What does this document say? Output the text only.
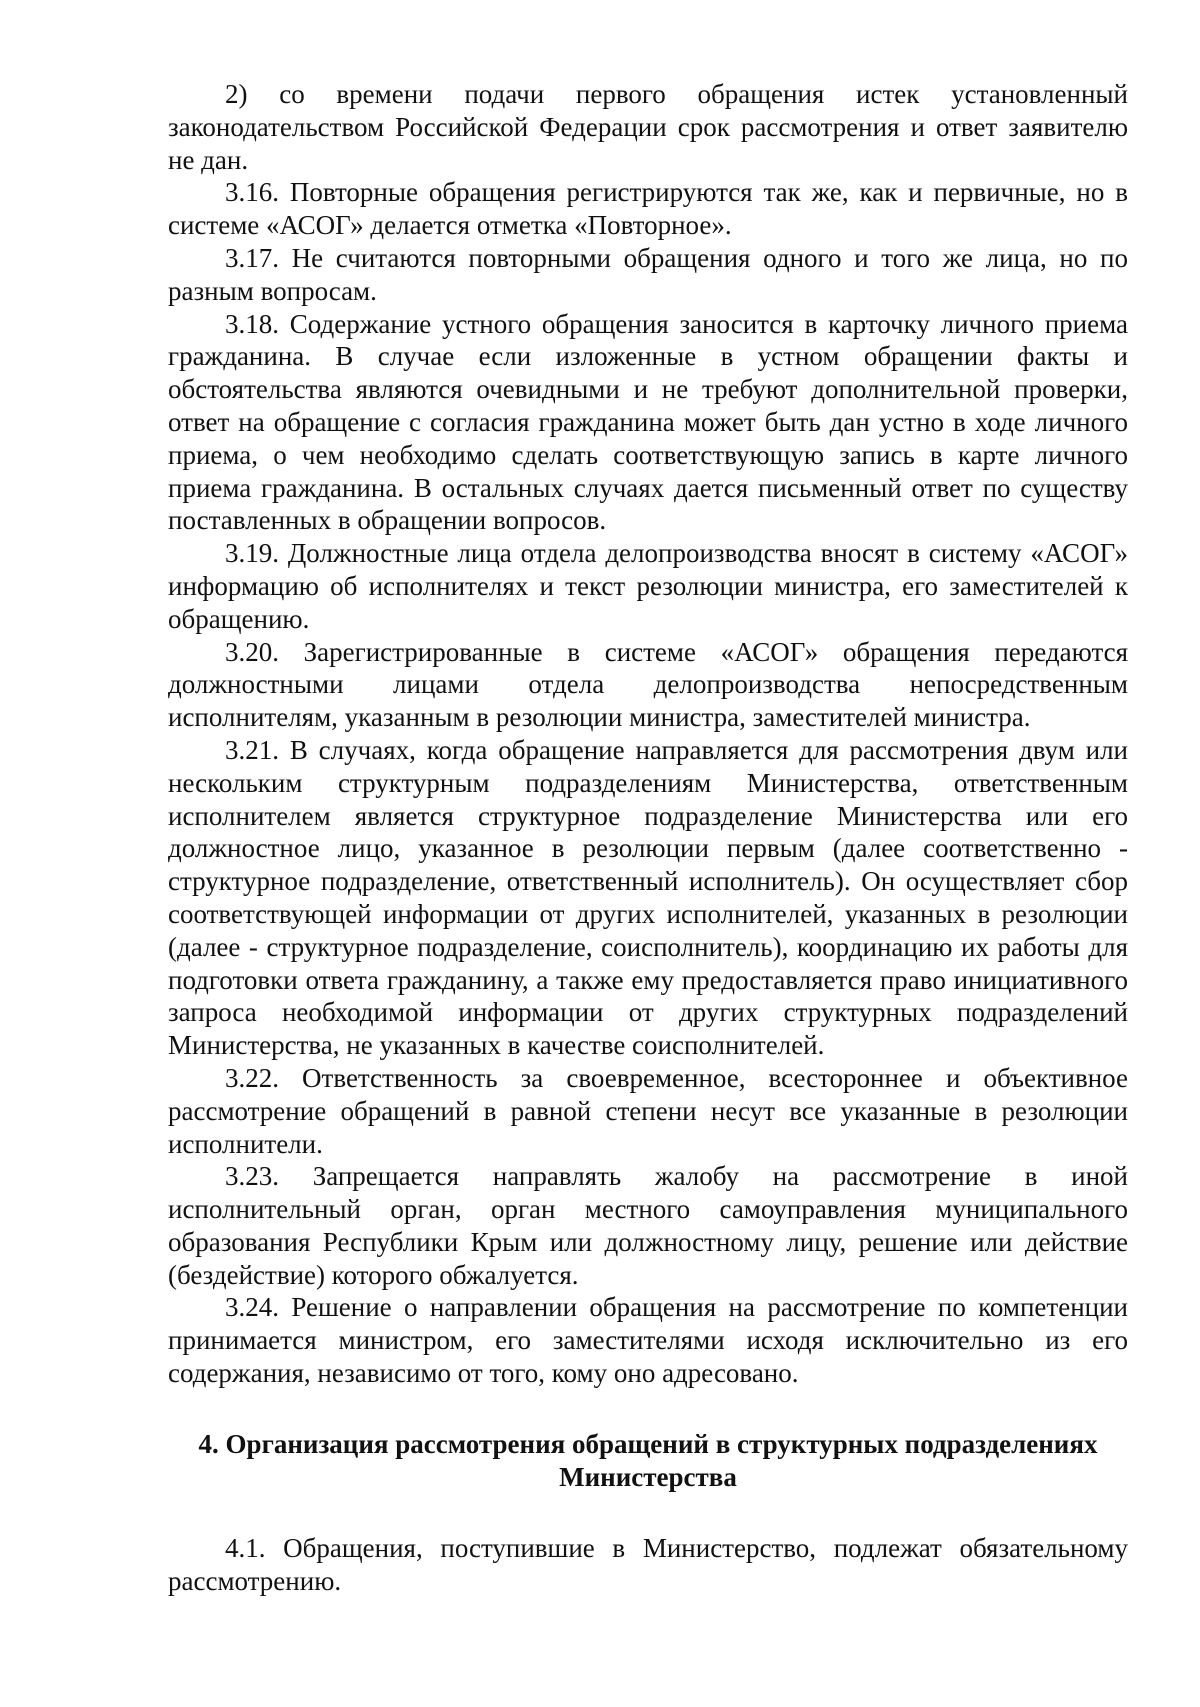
2) со времени подачи первого обращения истек установленный законодательством Российской Федерации срок рассмотрения и ответ заявителю не дан.

3.16. Повторные обращения регистрируются так же, как и первичные, но в системе «АСОГ» делается отметка «Повторное».

3.17. Не считаются повторными обращения одного и того же лица, но по разным вопросам.

3.18. Содержание устного обращения заносится в карточку личного приема гражданина. В случае если изложенные в устном обращении факты и обстоятельства являются очевидными и не требуют дополнительной проверки, ответ на обращение с согласия гражданина может быть дан устно в ходе личного приема, о чем необходимо сделать соответствующую запись в карте личного приема гражданина. В остальных случаях дается письменный ответ по существу поставленных в обращении вопросов.

3.19. Должностные лица отдела делопроизводства вносят в систему «АСОГ» информацию об исполнителях и текст резолюции министра, его заместителей к обращению.

3.20. Зарегистрированные в системе «АСОГ» обращения передаются должностными лицами отдела делопроизводства непосредственным исполнителям, указанным в резолюции министра, заместителей министра.

3.21. В случаях, когда обращение направляется для рассмотрения двум или нескольким структурным подразделениям Министерства, ответственным исполнителем является структурное подразделение Министерства или его должностное лицо, указанное в резолюции первым (далее соответственно - структурное подразделение, ответственный исполнитель). Он осуществляет сбор соответствующей информации от других исполнителей, указанных в резолюции (далее - структурное подразделение, соисполнитель), координацию их работы для подготовки ответа гражданину, а также ему предоставляется право инициативного запроса необходимой информации от других структурных подразделений Министерства, не указанных в качестве соисполнителей.

3.22. Ответственность за своевременное, всестороннее и объективное рассмотрение обращений в равной степени несут все указанные в резолюции исполнители.

3.23. Запрещается направлять жалобу на рассмотрение в иной исполнительный орган, орган местного самоуправления муниципального образования Республики Крым или должностному лицу, решение или действие (бездействие) которого обжалуется.

3.24. Решение о направлении обращения на рассмотрение по компетенции принимается министром, его заместителями исходя исключительно из его содержания, независимо от того, кому оно адресовано.

4. Организация рассмотрения обращений в структурных подразделениях Министерства

4.1. Обращения, поступившие в Министерство, подлежат обязательному рассмотрению.
